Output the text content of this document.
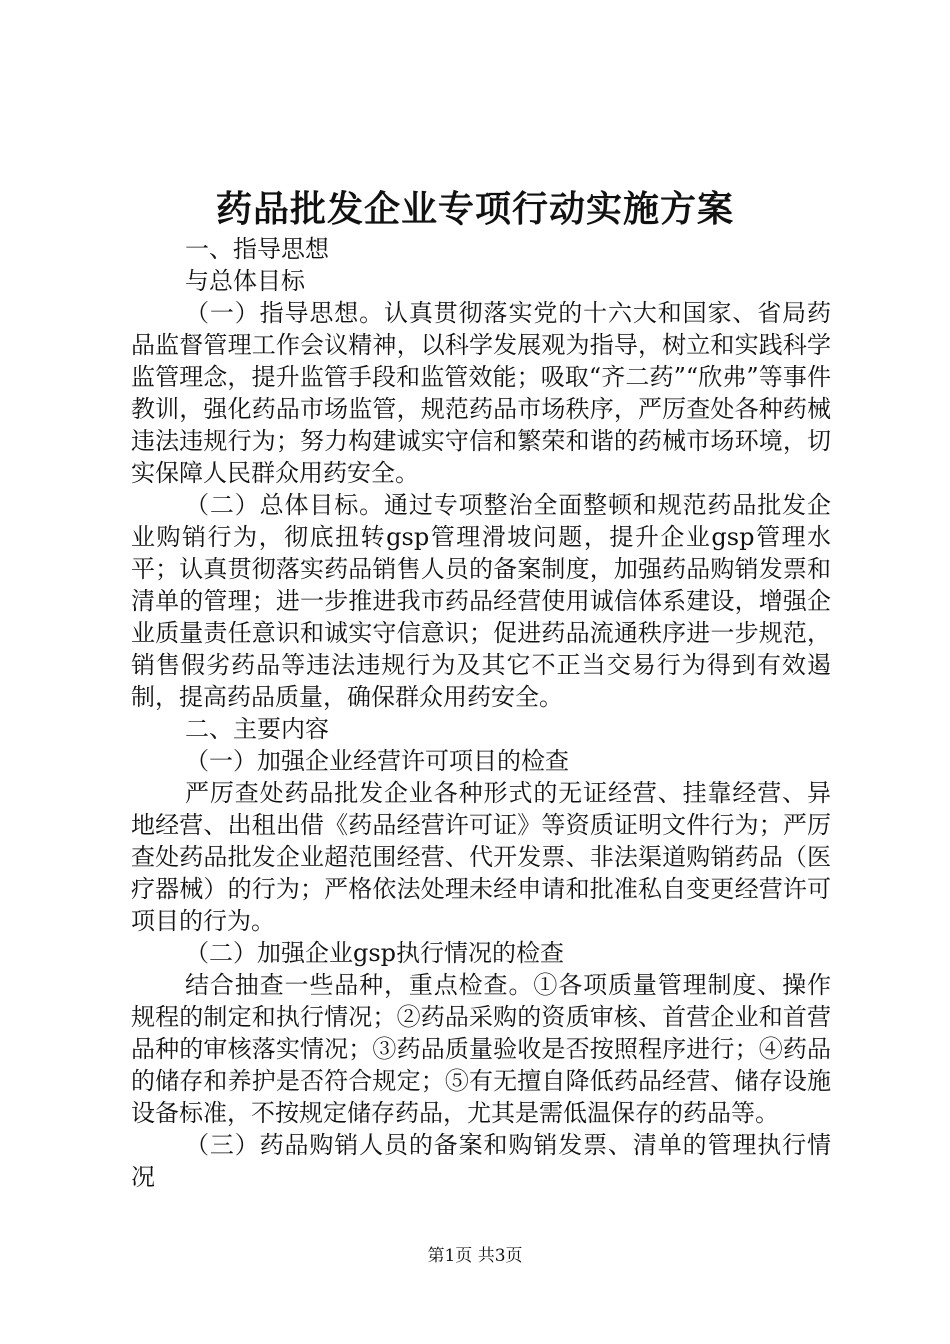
药品批发企业专项行动实施方案

一、指导思想

与总体目标

（一）指导思想。认真贯彻落实党的十六大和国家、省局药品监督管理工作会议精神，以科学发展观为指导，树立和实践科学监管理念，提升监管手段和监管效能；吸取“齐二药”“欣弗”等事件教训，强化药品市场监管，规范药品市场秩序，严厉查处各种药械违法违规行为；努力构建诚实守信和繁荣和谐的药械市场环境，切实保障人民群众用药安全。

（二）总体目标。通过专项整治全面整顿和规范药品批发企业购销行为，彻底扭转gsp管理滑坡问题，提升企业gsp管理水平；认真贯彻落实药品销售人员的备案制度，加强药品购销发票和清单的管理；进一步推进我市药品经营使用诚信体系建设，增强企业质量责任意识和诚实守信意识；促进药品流通秩序进一步规范，销售假劣药品等违法违规行为及其它不正当交易行为得到有效遏制，提高药品质量，确保群众用药安全。

二、主要内容

（一）加强企业经营许可项目的检查

严厉查处药品批发企业各种形式的无证经营、挂靠经营、异地经营、出租出借《药品经营许可证》等资质证明文件行为；严厉查处药品批发企业超范围经营、代开发票、非法渠道购销药品（医疗器械）的行为；严格依法处理未经申请和批准私自变更经营许可项目的行为。

（二）加强企业gsp执行情况的检查

结合抽查一些品种，重点检查。①各项质量管理制度、操作规程的制定和执行情况；②药品采购的资质审核、首营企业和首营品种的审核落实情况；③药品质量验收是否按照程序进行；④药品的储存和养护是否符合规定；⑤有无擅自降低药品经营、储存设施设备标准，不按规定储存药品，尤其是需低温保存的药品等。

（三）药品购销人员的备案和购销发票、清单的管理执行情况

第1页 共3页
